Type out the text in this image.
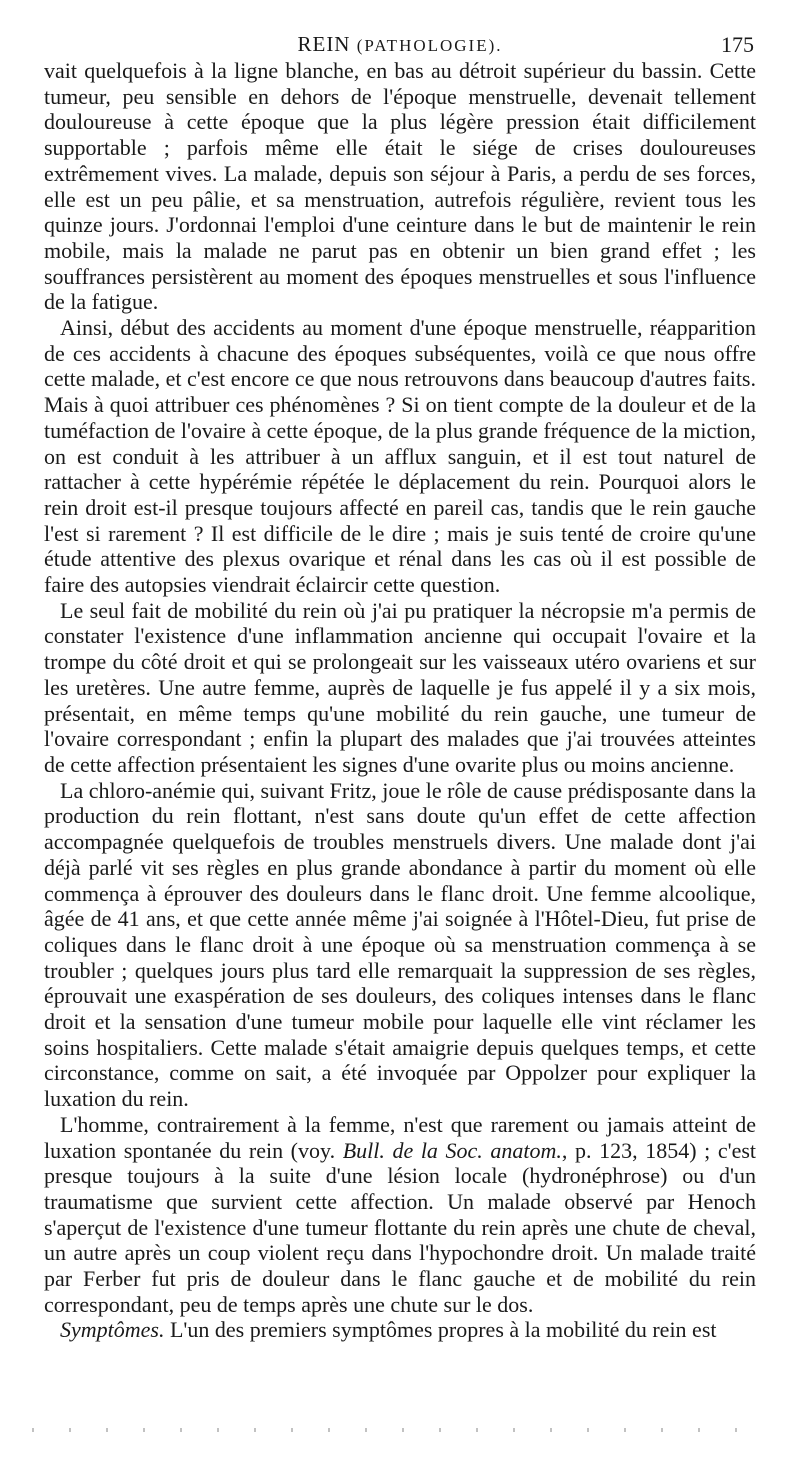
REIN (PATHOLOGIE).	175

vait quelquefois à la ligne blanche, en bas au détroit supérieur du bassin. Cette tumeur, peu sensible en dehors de l'époque menstruelle, devenait tellement douloureuse à cette époque que la plus légère pression était difficilement supportable ; parfois même elle était le siége de crises douloureuses extrêmement vives. La malade, depuis son séjour à Paris, a perdu de ses forces, elle est un peu pâlie, et sa menstruation, autrefois régulière, revient tous les quinze jours. J'ordonnai l'emploi d'une ceinture dans le but de maintenir le rein mobile, mais la malade ne parut pas en obtenir un bien grand effet ; les souffrances persistèrent au moment des époques menstruelles et sous l'influence de la fatigue.

Ainsi, début des accidents au moment d'une époque menstruelle, réapparition de ces accidents à chacune des époques subséquentes, voilà ce que nous offre cette malade, et c'est encore ce que nous retrouvons dans beaucoup d'autres faits. Mais à quoi attribuer ces phénomènes ? Si on tient compte de la douleur et de la tuméfaction de l'ovaire à cette époque, de la plus grande fréquence de la miction, on est conduit à les attribuer à un afflux sanguin, et il est tout naturel de rattacher à cette hypérémie répétée le déplacement du rein. Pourquoi alors le rein droit est-il presque toujours affecté en pareil cas, tandis que le rein gauche l'est si rarement ? Il est difficile de le dire ; mais je suis tenté de croire qu'une étude attentive des plexus ovarique et rénal dans les cas où il est possible de faire des autopsies viendrait éclaircir cette question.

Le seul fait de mobilité du rein où j'ai pu pratiquer la nécropsie m'a permis de constater l'existence d'une inflammation ancienne qui occupait l'ovaire et la trompe du côté droit et qui se prolongeait sur les vaisseaux utéro ovariens et sur les uretères. Une autre femme, auprès de laquelle je fus appelé il y a six mois, présentait, en même temps qu'une mobilité du rein gauche, une tumeur de l'ovaire correspondant ; enfin la plupart des malades que j'ai trouvées atteintes de cette affection présentaient les signes d'une ovarite plus ou moins ancienne.

La chloro-anémie qui, suivant Fritz, joue le rôle de cause prédisposante dans la production du rein flottant, n'est sans doute qu'un effet de cette affection accompagnée quelquefois de troubles menstruels divers. Une malade dont j'ai déjà parlé vit ses règles en plus grande abondance à partir du moment où elle commença à éprouver des douleurs dans le flanc droit. Une femme alcoolique, âgée de 41 ans, et que cette année même j'ai soignée à l'Hôtel-Dieu, fut prise de coliques dans le flanc droit à une époque où sa menstruation commença à se troubler ; quelques jours plus tard elle remarquait la suppression de ses règles, éprouvait une exaspération de ses douleurs, des coliques intenses dans le flanc droit et la sensation d'une tumeur mobile pour laquelle elle vint réclamer les soins hospitaliers. Cette malade s'était amaigrie depuis quelques temps, et cette circonstance, comme on sait, a été invoquée par Oppolzer pour expliquer la luxation du rein.

L'homme, contrairement à la femme, n'est que rarement ou jamais atteint de luxation spontanée du rein (voy. Bull. de la Soc. anatom., p. 123, 1854) ; c'est presque toujours à la suite d'une lésion locale (hydronéphrose) ou d'un traumatisme que survient cette affection. Un malade observé par Henoch s'aperçut de l'existence d'une tumeur flottante du rein après une chute de cheval, un autre après un coup violent reçu dans l'hypochondre droit. Un malade traité par Ferber fut pris de douleur dans le flanc gauche et de mobilité du rein correspondant, peu de temps après une chute sur le dos.

Symptômes. L'un des premiers symptômes propres à la mobilité du rein est
